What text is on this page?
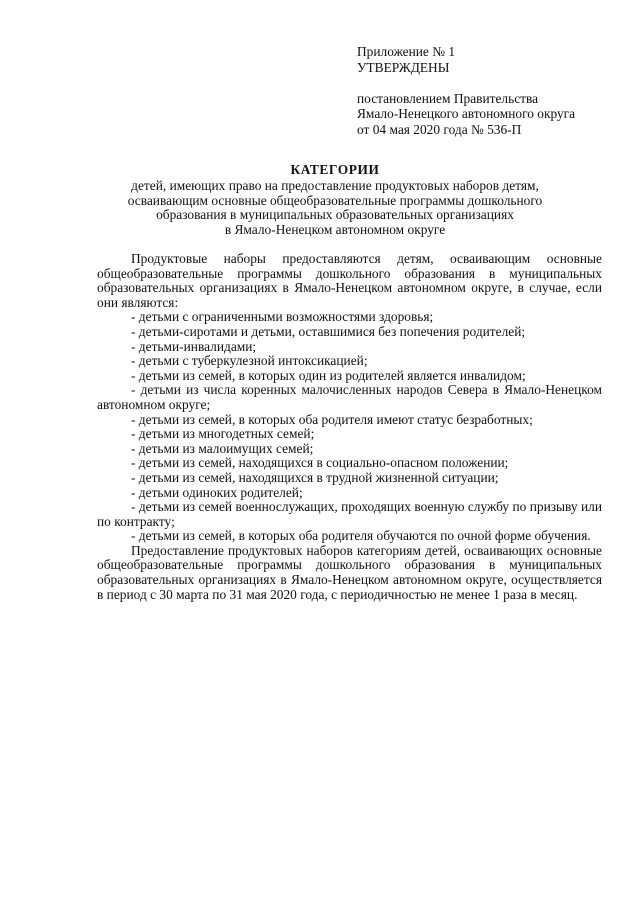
Приложение № 1
УТВЕРЖДЕНЫ
постановлением Правительства
Ямало-Ненецкого автономного округа
от 04 мая 2020 года № 536-П
КАТЕГОРИИ
детей, имеющих право на предоставление продуктовых наборов детям,
осваивающим основные общеобразовательные программы дошкольного
образования в муниципальных образовательных организациях
в Ямало-Ненецком автономном округе

Продуктовые наборы предоставляются детям, осваивающим основные общеобразовательные программы дошкольного образования в муниципальных образовательных организациях в Ямало-Ненецком автономном округе, в случае, если они являются:

- детьми с ограниченными возможностями здоровья;
- детьми-сиротами и детьми, оставшимися без попечения родителей;
- детьми-инвалидами;
- детьми с туберкулезной интоксикацией;
- детьми из семей, в которых один из родителей является инвалидом;
- детьми из числа коренных малочисленных народов Севера в Ямало-Ненецком автономном округе;
- детьми из семей, в которых оба родителя имеют статус безработных;
- детьми из многодетных семей;
- детьми из малоимущих семей;
- детьми из семей, находящихся в социально-опасном положении;
- детьми из семей, находящихся в трудной жизненной ситуации;
- детьми одиноких родителей;
- детьми из семей военнослужащих, проходящих военную службу по призыву или по контракту;
- детьми из семей, в которых оба родителя обучаются по очной форме обучения.

Предоставление продуктовых наборов категориям детей, осваивающих основные общеобразовательные программы дошкольного образования в муниципальных образовательных организациях в Ямало-Ненецком автономном округе, осуществляется в период с 30 марта по 31 мая 2020 года, с периодичностью не менее 1 раза в месяц.
